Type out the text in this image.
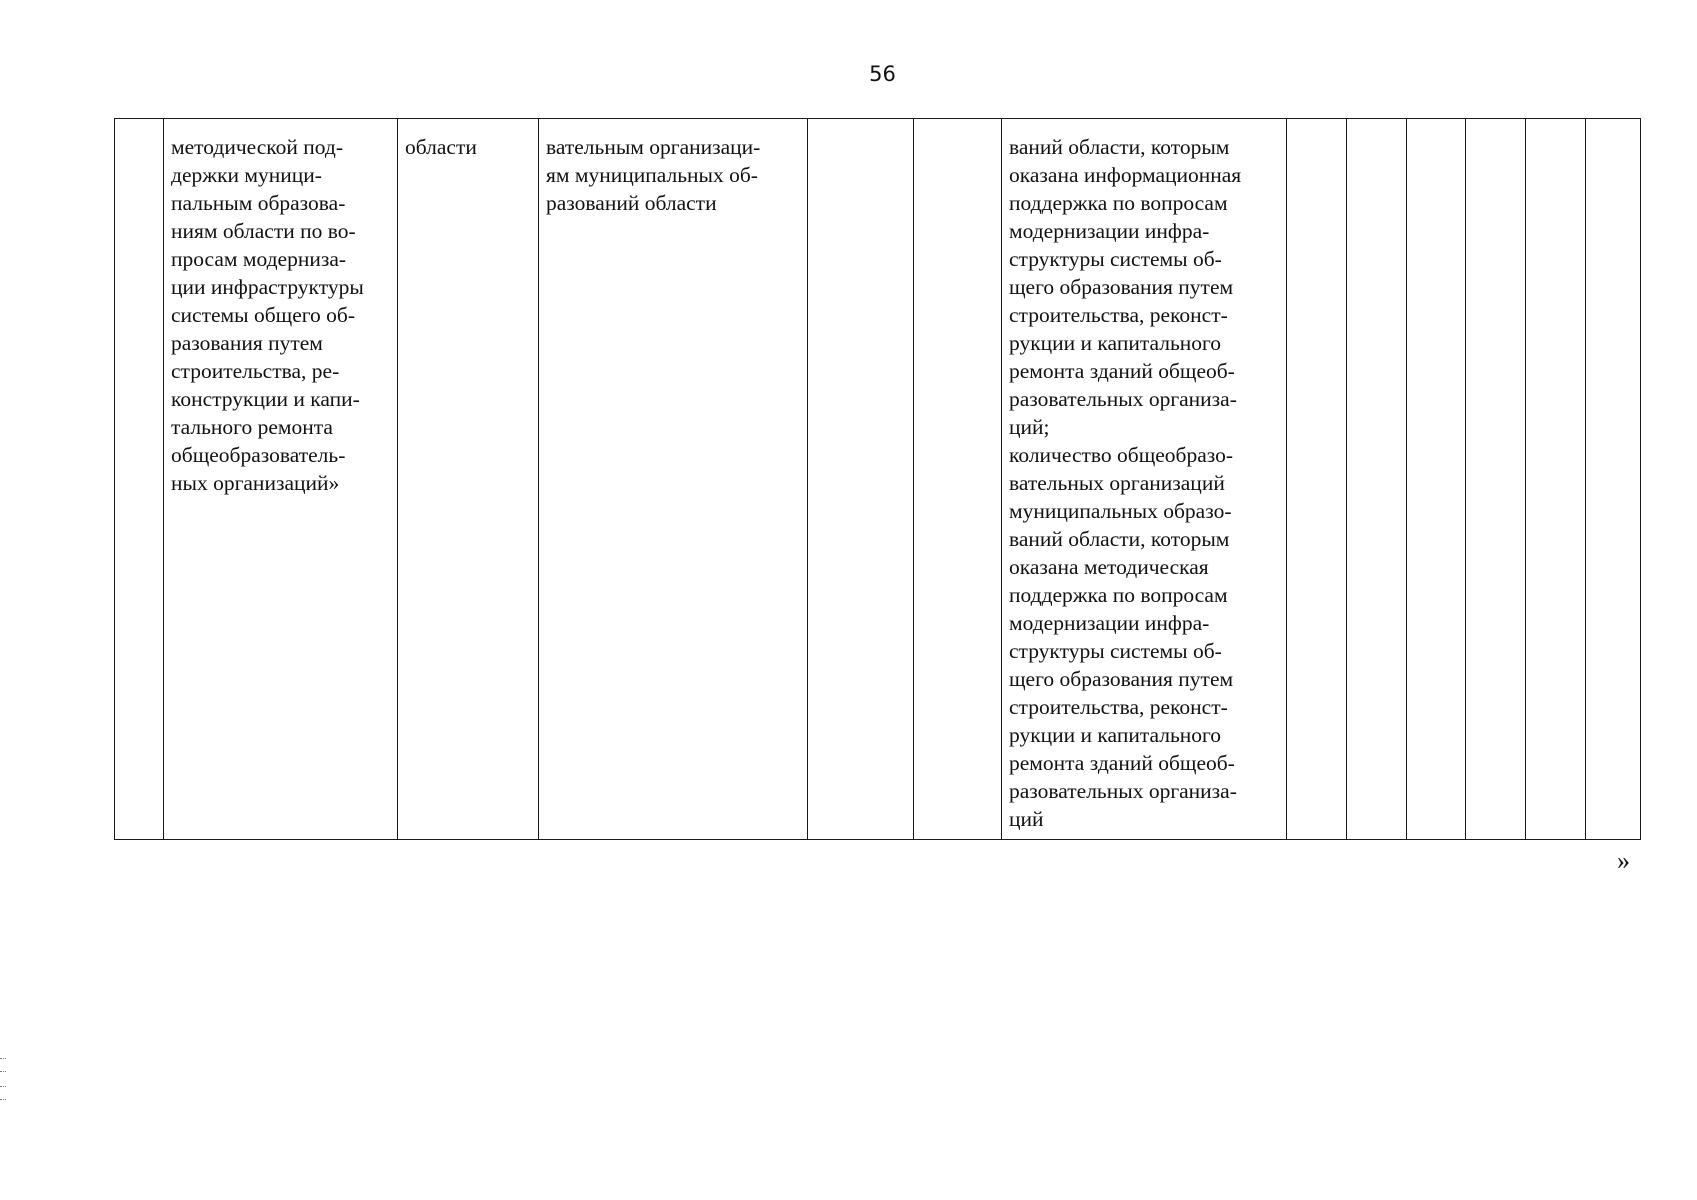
56
	методической под-
держки муници-
пальным образова-
ниям области по во-
просам модерниза-
ции инфраструктуры
системы общего об-
разования путем
строительства, ре-
конструкции и капи-
тального ремонта
общеобразователь-
ных организаций»	области	вательным организаци-
ям муниципальных об-
разований области			ваний области, которым
оказана информационная
поддержка по вопросам
модернизации инфра-
структуры системы об-
щего образования путем
строительства, реконст-
рукции и капитального
ремонта зданий общеоб-
разовательных организа-
ций;
количество общеобразо-
вательных организаций
муниципальных образо-
ваний области, которым
оказана методическая
поддержка по вопросам
модернизации инфра-
структуры системы об-
щего образования путем
строительства, реконст-
рукции и капитального
ремонта зданий общеоб-
разовательных организа-
ций						
»
